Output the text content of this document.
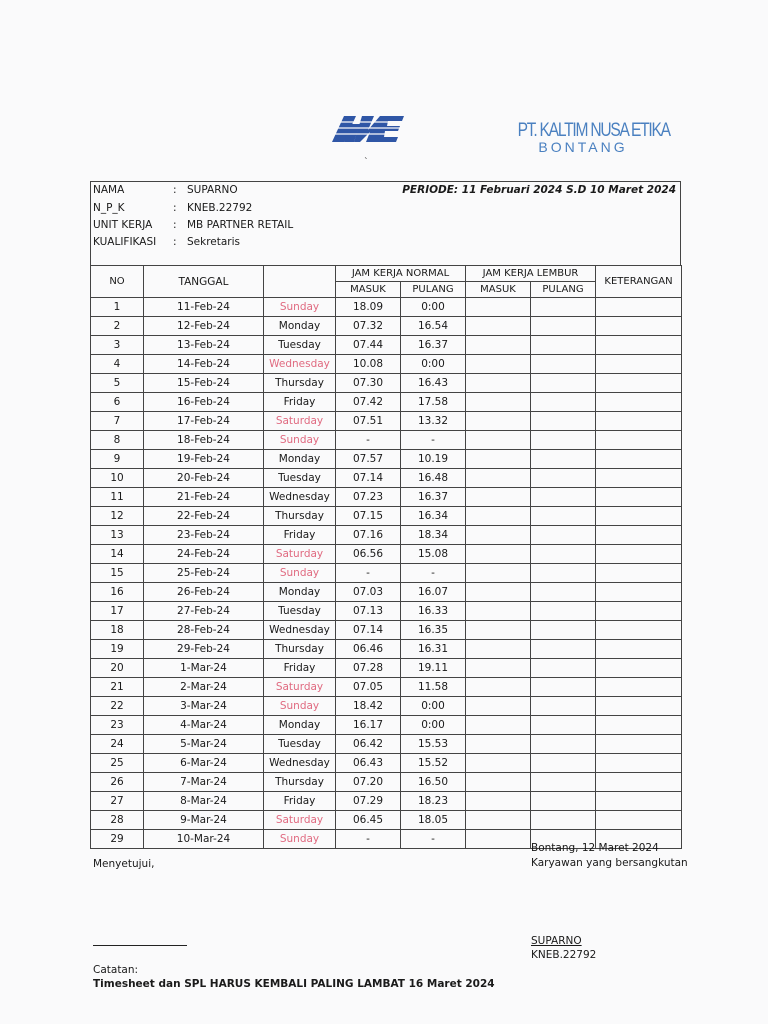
ˎ
PT. KALTIM NUSA ETIKA
BONTANG
NAMA	: SUPARNO
N_P_K	: KNEB.22792
UNIT KERJA : MB PARTNER RETAIL
KUALIFIKASI : Sekretaris
PERIODE: 11 Februari 2024 S.D 10 Maret 2024
NO	TANGGAL		JAM KERJA NORMAL		JAM KERJA LEMBUR		KETERANGAN
			MASUK	PULANG	MASUK	PULANG	
1	11-Feb-24	Sunday	18.09	0:00			
2	12-Feb-24	Monday	07.32	16.54			
3	13-Feb-24	Tuesday	07.44	16.37			
4	14-Feb-24	Wednesday	10.08	0:00			
5	15-Feb-24	Thursday	07.30	16.43			
6	16-Feb-24	Friday	07.42	17.58			
7	17-Feb-24	Saturday	07.51	13.32			
8	18-Feb-24	Sunday	-	-			
9	19-Feb-24	Monday	07.57	10.19			
10	20-Feb-24	Tuesday	07.14	16.48			
11	21-Feb-24	Wednesday	07.23	16.37			
12	22-Feb-24	Thursday	07.15	16.34			
13	23-Feb-24	Friday	07.16	18.34			
14	24-Feb-24	Saturday	06.56	15.08			
15	25-Feb-24	Sunday	-	-			
16	26-Feb-24	Monday	07.03	16.07			
17	27-Feb-24	Tuesday	07.13	16.33			
18	28-Feb-24	Wednesday	07.14	16.35			
19	29-Feb-24	Thursday	06.46	16.31			
20	1-Mar-24	Friday	07.28	19.11			
21	2-Mar-24	Saturday	07.05	11.58			
22	3-Mar-24	Sunday	18.42	0:00			
23	4-Mar-24	Monday	16.17	0:00			
24	5-Mar-24	Tuesday	06.42	15.53			
25	6-Mar-24	Wednesday	06.43	15.52			
26	7-Mar-24	Thursday	07.20	16.50			
27	8-Mar-24	Friday	07.29	18.23			
28	9-Mar-24	Saturday	06.45	18.05			
29	10-Mar-24	Sunday	-	-			
Menyetujui,
Bontang, 12 Maret 2024
Karyawan yang bersangkutan
SUPARNO
KNEB.22792
Catatan:
Timesheet dan SPL HARUS KEMBALI PALING LAMBAT 16 Maret 2024
